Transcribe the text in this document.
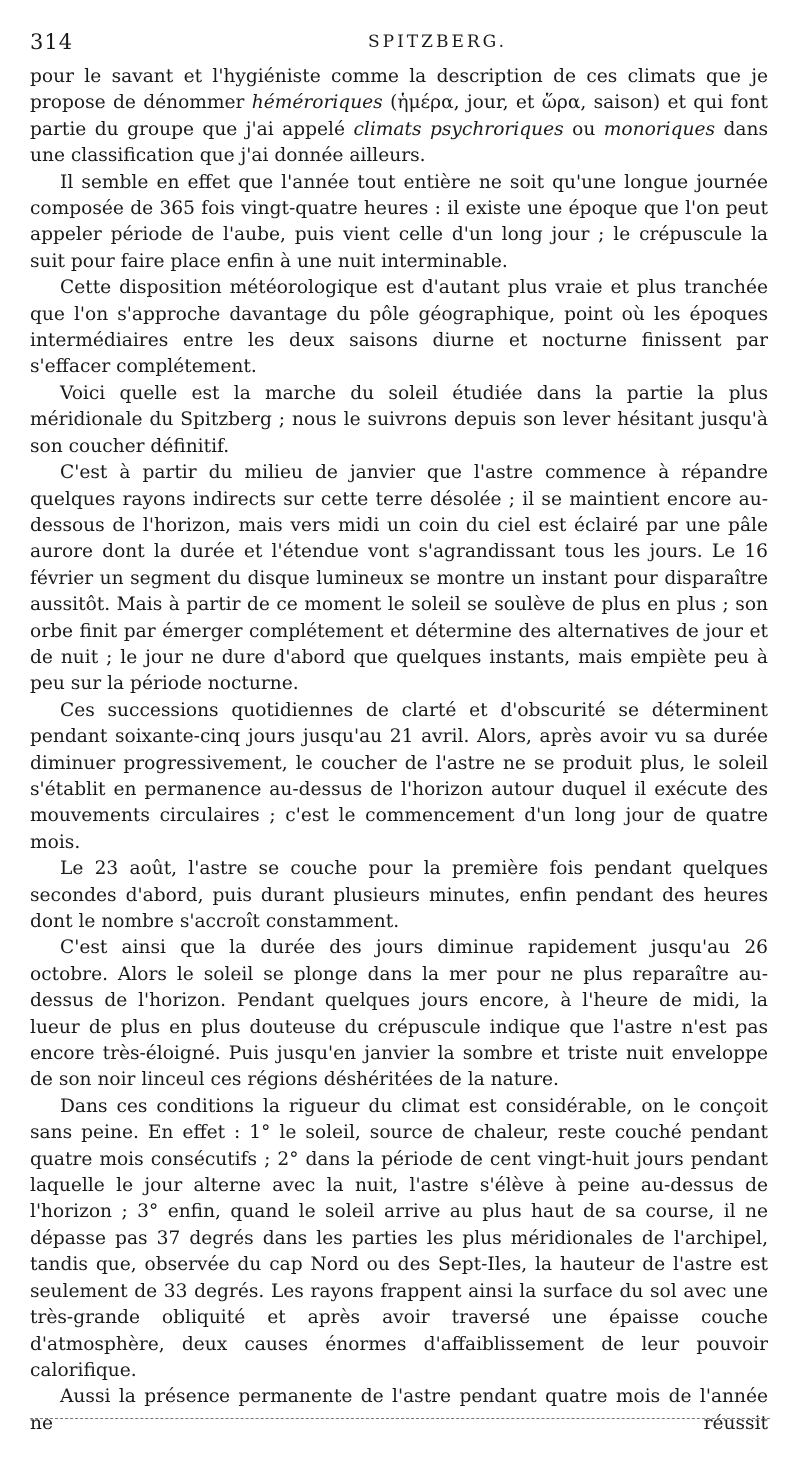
314	SPITZBERG.

pour le savant et l'hygiéniste comme la description de ces climats que je propose de dénommer héméroriques (ἡμέρα, jour, et ὥρα, saison) et qui font partie du groupe que j'ai appelé climats psychroriques ou monoriques dans une classification que j'ai donnée ailleurs.

Il semble en effet que l'année tout entière ne soit qu'une longue journée composée de 365 fois vingt-quatre heures : il existe une époque que l'on peut appeler période de l'aube, puis vient celle d'un long jour ; le crépuscule la suit pour faire place enfin à une nuit interminable.

Cette disposition météorologique est d'autant plus vraie et plus tranchée que l'on s'approche davantage du pôle géographique, point où les époques intermédiaires entre les deux saisons diurne et nocturne finissent par s'effacer complétement.

Voici quelle est la marche du soleil étudiée dans la partie la plus méridionale du Spitzberg ; nous le suivrons depuis son lever hésitant jusqu'à son coucher définitif.

C'est à partir du milieu de janvier que l'astre commence à répandre quelques rayons indirects sur cette terre désolée ; il se maintient encore au-dessous de l'horizon, mais vers midi un coin du ciel est éclairé par une pâle aurore dont la durée et l'étendue vont s'agrandissant tous les jours. Le 16 février un segment du disque lumineux se montre un instant pour disparaître aussitôt. Mais à partir de ce moment le soleil se soulève de plus en plus ; son orbe finit par émerger complétement et détermine des alternatives de jour et de nuit ; le jour ne dure d'abord que quelques instants, mais empiète peu à peu sur la période nocturne.

Ces successions quotidiennes de clarté et d'obscurité se déterminent pendant soixante-cinq jours jusqu'au 21 avril. Alors, après avoir vu sa durée diminuer progressivement, le coucher de l'astre ne se produit plus, le soleil s'établit en permanence au-dessus de l'horizon autour duquel il exécute des mouvements circulaires ; c'est le commencement d'un long jour de quatre mois.

Le 23 août, l'astre se couche pour la première fois pendant quelques secondes d'abord, puis durant plusieurs minutes, enfin pendant des heures dont le nombre s'accroît constamment.

C'est ainsi que la durée des jours diminue rapidement jusqu'au 26 octobre. Alors le soleil se plonge dans la mer pour ne plus reparaître au-dessus de l'horizon. Pendant quelques jours encore, à l'heure de midi, la lueur de plus en plus douteuse du crépuscule indique que l'astre n'est pas encore très-éloigné. Puis jusqu'en janvier la sombre et triste nuit enveloppe de son noir linceul ces régions déshéritées de la nature.

Dans ces conditions la rigueur du climat est considérable, on le conçoit sans peine. En effet : 1° le soleil, source de chaleur, reste couché pendant quatre mois consécutifs ; 2° dans la période de cent vingt-huit jours pendant laquelle le jour alterne avec la nuit, l'astre s'élève à peine au-dessus de l'horizon ; 3° enfin, quand le soleil arrive au plus haut de sa course, il ne dépasse pas 37 degrés dans les parties les plus méridionales de l'archipel, tandis que, observée du cap Nord ou des Sept-Iles, la hauteur de l'astre est seulement de 33 degrés. Les rayons frappent ainsi la surface du sol avec une très-grande obliquité et après avoir traversé une épaisse couche d'atmosphère, deux causes énormes d'affaiblissement de leur pouvoir calorifique.

Aussi la présence permanente de l'astre pendant quatre mois de l'année ne réussit
